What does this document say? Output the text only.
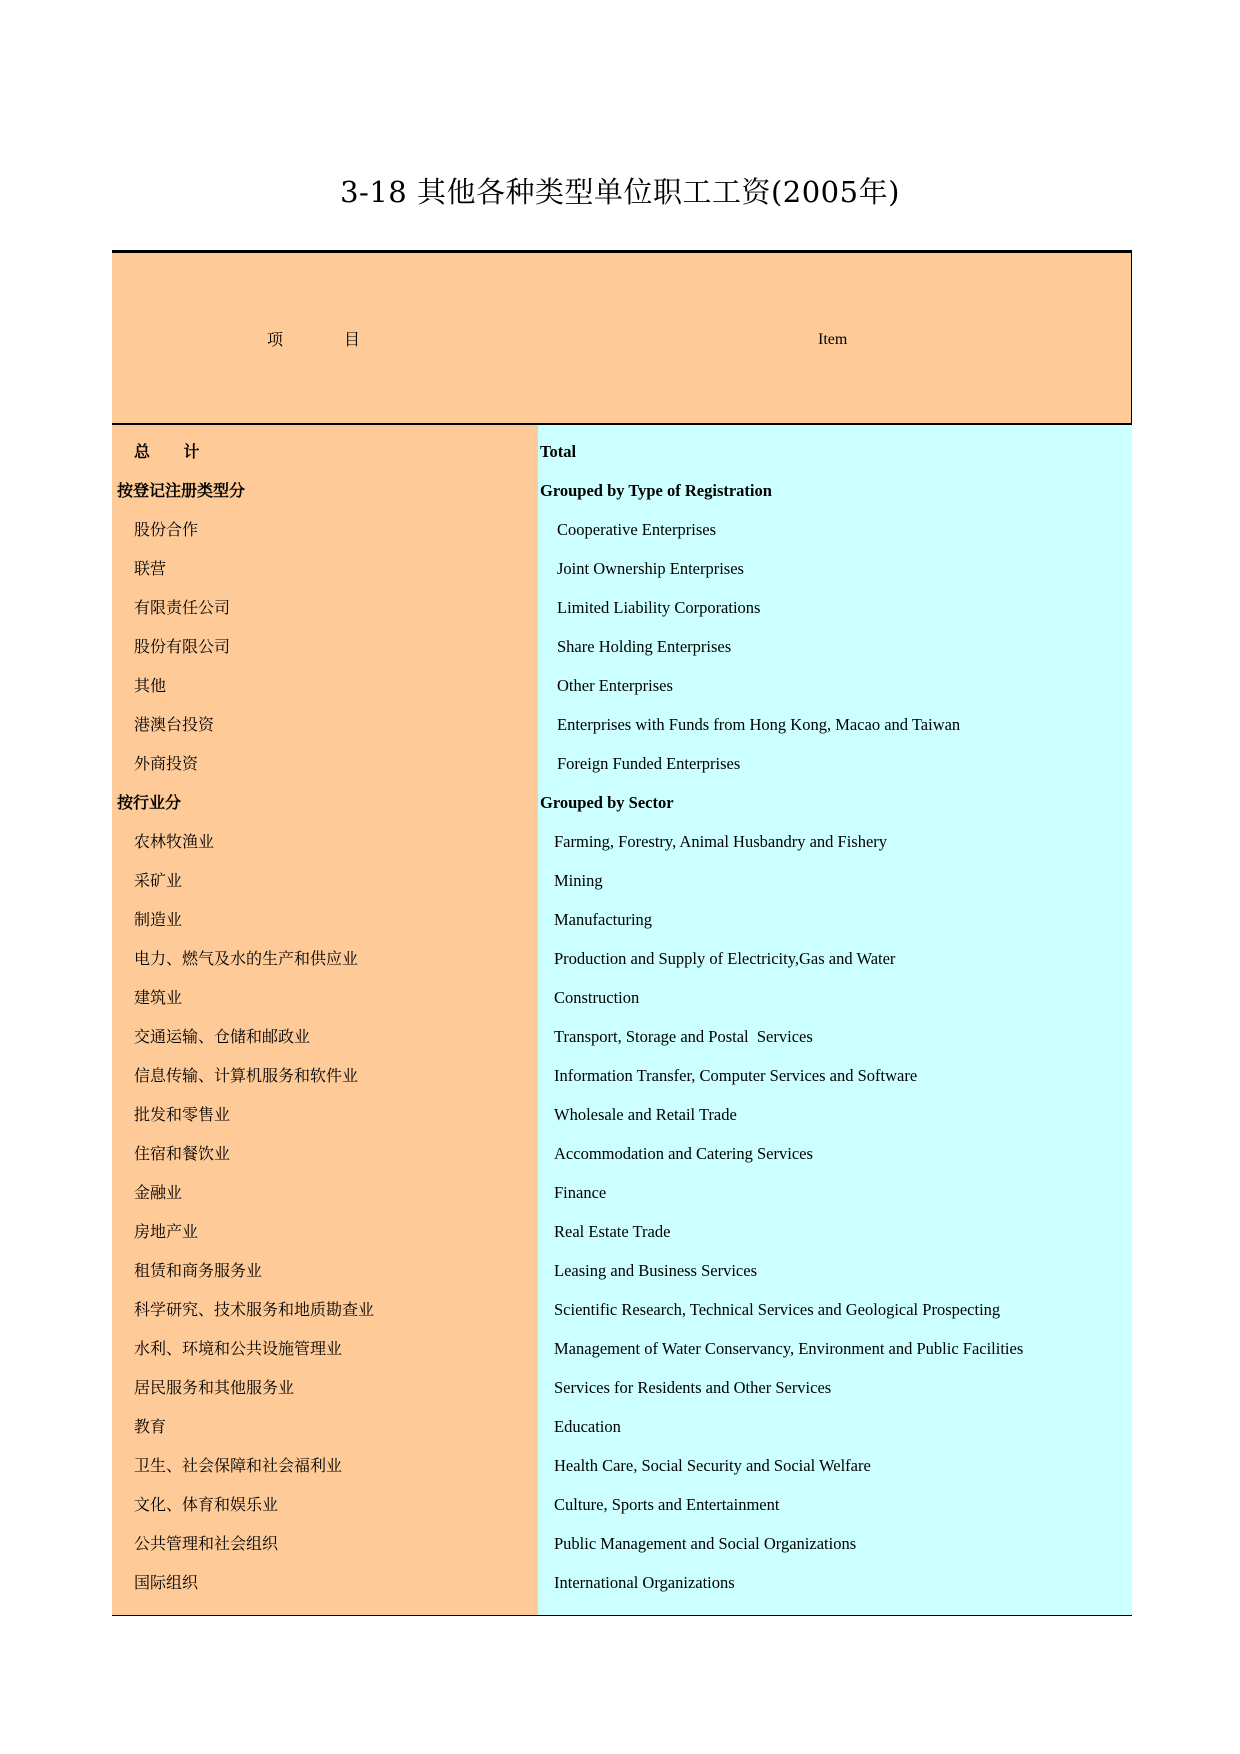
3-18 其他各种类型单位职工工资(2005年)
项            目	Item
总      计	Total
按登记注册类型分	Grouped by Type of Registration
股份合作	Cooperative Enterprises
联营	Joint Ownership Enterprises
有限责任公司	Limited Liability Corporations
股份有限公司	Share Holding Enterprises
其他	Other Enterprises
港澳台投资	Enterprises with Funds from Hong Kong, Macao and Taiwan
外商投资	Foreign Funded Enterprises
按行业分	Grouped by Sector
农林牧渔业	Farming, Forestry, Animal Husbandry and Fishery
采矿业	Mining
制造业	Manufacturing
电力、燃气及水的生产和供应业	Production and Supply of Electricity,Gas and Water
建筑业	Construction
交通运输、仓储和邮政业	Transport, Storage and Postal  Services
信息传输、计算机服务和软件业	Information Transfer, Computer Services and Software
批发和零售业	Wholesale and Retail Trade
住宿和餐饮业	Accommodation and Catering Services
金融业	Finance
房地产业	Real Estate Trade
租赁和商务服务业	Leasing and Business Services
科学研究、技术服务和地质勘查业	Scientific Research, Technical Services and Geological Prospecting
水利、环境和公共设施管理业	Management of Water Conservancy, Environment and Public Facilities
居民服务和其他服务业	Services for Residents and Other Services
教育	Education
卫生、社会保障和社会福利业	Health Care, Social Security and Social Welfare
文化、体育和娱乐业	Culture, Sports and Entertainment
公共管理和社会组织	Public Management and Social Organizations
国际组织	International Organizations
